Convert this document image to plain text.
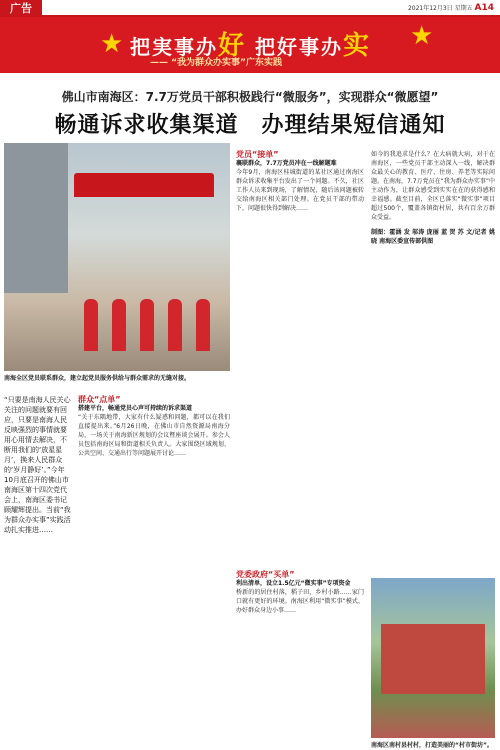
广告	2021年12月3日 星期五 A14
★	★
把実事办好 把好事办实
—— “我为群众办实事”广东实践
佛山市南海区：7.7万党员干部积极践行“微服务”，实现群众“微愿望”
畅通诉求收集渠道　办理结果短信通知
南海全区党员联系群众，建立起党员服务供给与群众需求的无缝对接。
“只要是南海人民关心关注的问题就要有回应，只要是南海人民反映强烈的事情就要用心用情去解决，不断用我们的‘放星星月’，换来人民群众的‘岁月静好’。”今年10月底召开的佛山市南海区第十四次党代会上，南海区委书记顾耀辉提出。当前“我为群众办实事”实践活动扎实推进……
群众“点单”
搭建平台，畅通党员心声可持续的诉求渠道
“关于东隅地带，大家有什么疑惑和问题，都可以在我们直接提出来。”6月26日晚，在佛山市自然资源局南海分局，一场关于南海新区规划的会议暨座谈会展开。参会人员包括南海区局和街道相关负责人。大家围绕区域规划、公共空间、交通出行等问题展开讨论……
党员“接单”
襄联群众，7.7万党员冲在一线解题难
今年9月，南海区桂城街道的某社区通过南海区群众诉求收集平台发出了一个问题。不久，社区工作人员来到现场，了解情况，随后该问题被转交给南海区相关部门处理。在党员干部的带动下，问题很快得到解决……
党委政府“买单”
利出清单，设立1.5亿元“微实事”专项资金
桥新的的居住村落，稻子田，乡村小路……家门口就有更好的环境。南海区利用“微实事”模式，办好群众身边小事……
如今的我追求是什么？在大病就大病，对于在南海区，一些党员干部主动深入一线，解决群众最关心的教育、医疗、住房、养老等实际问题。在南海，7.7万党员在“我为群众办实事”中主动作为，让群众感受到实实在在的获得感和幸福感。截至目前，全区已落实“微实事”项目超过500个，覆盖各镇街村居，共有百余万群众受益。
制图：霍涵 发 邬涛 庞丽 蓝 贺 苏 文/记者 姚晓 南海区委宣传部供图
南海区南村县村村，打造美丽的“村市街坊”。
